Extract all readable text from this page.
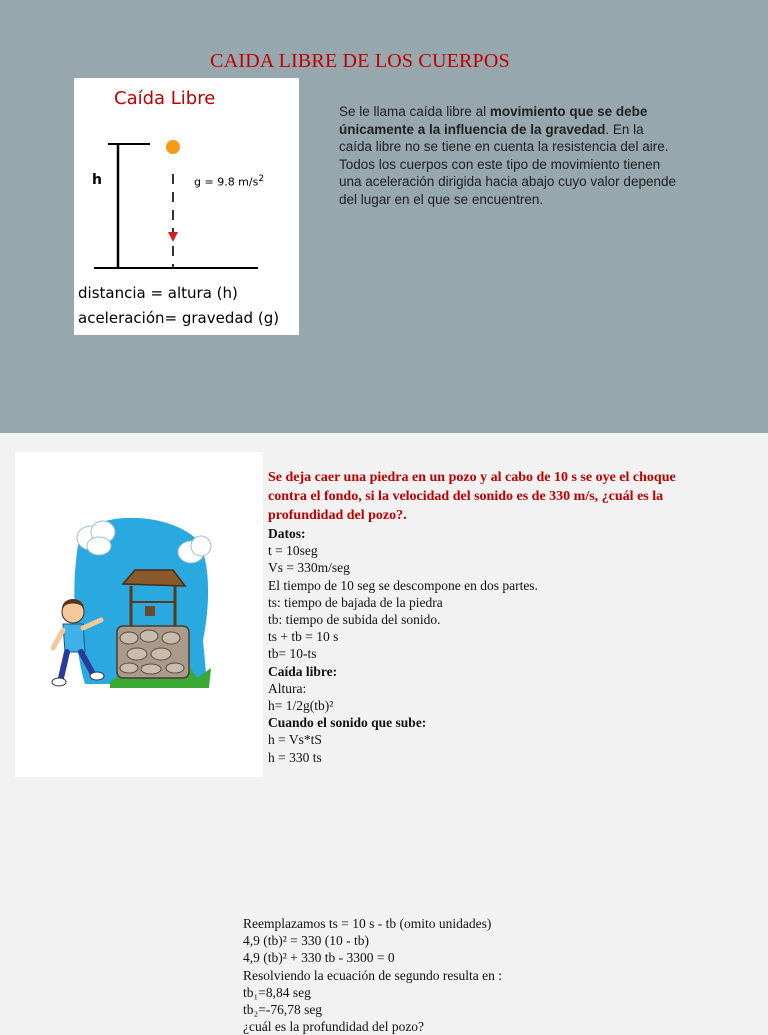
CAIDA LIBRE DE LOS CUERPOS
Caída Libre
h	g = 9.8 $m/s^2$
distancia = altura (h)
aceleración= gravedad (g)

Se le llama caída libre al movimiento que se debe únicamente a la influencia de la gravedad. En la caída libre no se tiene en cuenta la resistencia del aire. Todos los cuerpos con este tipo de movimiento tienen una aceleración dirigida hacia abajo cuyo valor depende del lugar en el que se encuentren.

Se deja caer una piedra en un pozo y al cabo de 10 s se oye el choque contra el fondo, si la velocidad del sonido es de 330 m/s, ¿cuál es la profundidad del pozo?.
Datos:
t = 10seg
Vs = 330m/seg
El tiempo de 10 seg se descompone en dos partes.
ts: tiempo de bajada de la piedra
tb: tiempo de subida del sonido.
ts + tb = 10 s
tb= 10-ts
Caída libre:
Altura:
h= 1/2g(tb)²
Cuando el sonido que sube:
h = Vs*tS
h = 330 ts
Reemplazamos ts = 10 s - tb (omito unidades)
4,9 (tb)² = 330 (10 - tb)
4,9 (tb)² + 330 tb - 3300 = 0
Resolviendo la ecuación de segundo resulta en :
tb₁=8,84 seg
tb₂=-76,78 seg
¿cuál es la profundidad del pozo?
